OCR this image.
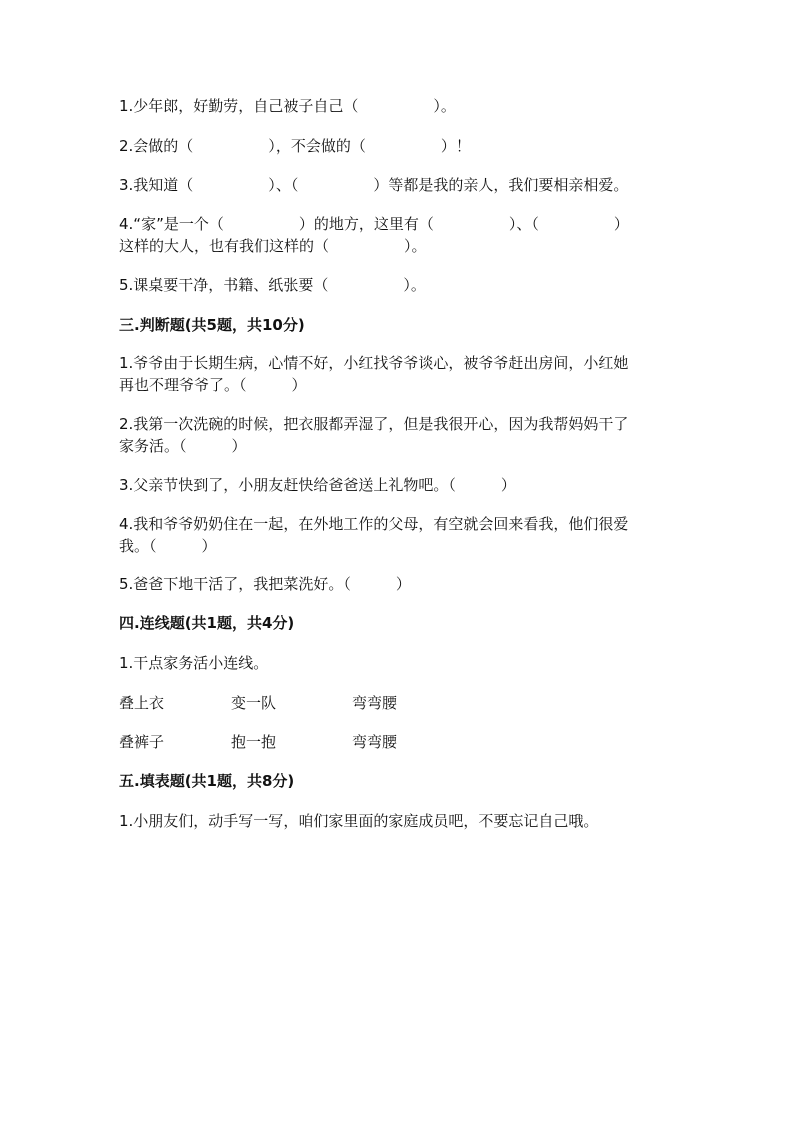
1.少年郎，好勤劳，自己被子自己（　　　　　）。
2.会做的（　　　　　），不会做的（　　　　　）！
3.我知道（　　　　　）、（　　　　　）等都是我的亲人，我们要相亲相爱。
4.“家”是一个（　　　　　）的地方，这里有（　　　　　）、（　　　　　）
这样的大人，也有我们这样的（　　　　　）。
5.课桌要干净，书籍、纸张要（　　　　　）。
三.判断题(共5题，共10分)
1.爷爷由于长期生病，心情不好，小红找爷爷谈心，被爷爷赶出房间，小红她
再也不理爷爷了。（　　　）
2.我第一次洗碗的时候，把衣服都弄湿了，但是我很开心，因为我帮妈妈干了
家务活。（　　　）
3.父亲节快到了，小朋友赶快给爸爸送上礼物吧。（　　　）
4.我和爷爷奶奶住在一起，在外地工作的父母，有空就会回来看我，他们很爱
我。（　　　）
5.爸爸下地干活了，我把菜洗好。（　　　）
四.连线题(共1题，共4分)
1.干点家务活小连线。
叠上衣	变一队	弯弯腰
叠裤子	抱一抱	弯弯腰
五.填表题(共1题，共8分)
1.小朋友们，动手写一写，咱们家里面的家庭成员吧，不要忘记自己哦。
